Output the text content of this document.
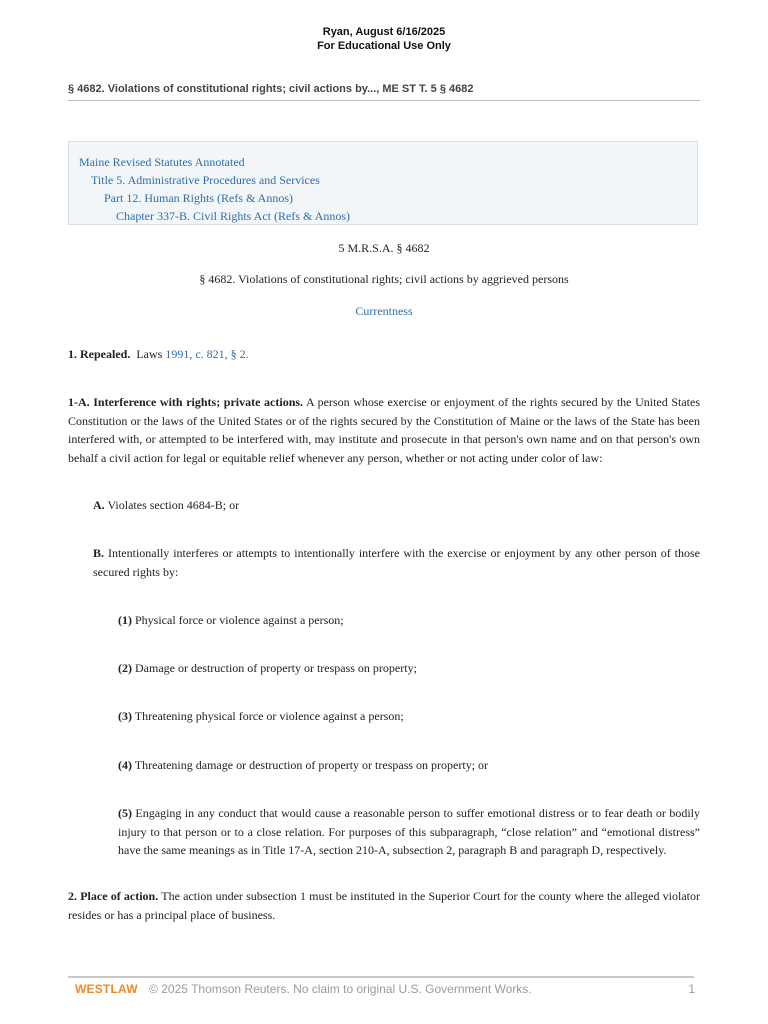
Ryan, August 6/16/2025
For Educational Use Only
§ 4682. Violations of constitutional rights; civil actions by..., ME ST T. 5 § 4682
Maine Revised Statutes Annotated
Title 5. Administrative Procedures and Services
Part 12. Human Rights (Refs & Annos)
Chapter 337-B. Civil Rights Act (Refs & Annos)
5 M.R.S.A. § 4682
§ 4682. Violations of constitutional rights; civil actions by aggrieved persons
Currentness
1. Repealed. Laws 1991, c. 821, § 2.
1-A. Interference with rights; private actions. A person whose exercise or enjoyment of the rights secured by the United States Constitution or the laws of the United States or of the rights secured by the Constitution of Maine or the laws of the State has been interfered with, or attempted to be interfered with, may institute and prosecute in that person's own name and on that person's own behalf a civil action for legal or equitable relief whenever any person, whether or not acting under color of law:
A. Violates section 4684-B; or
B. Intentionally interferes or attempts to intentionally interfere with the exercise or enjoyment by any other person of those secured rights by:
(1) Physical force or violence against a person;
(2) Damage or destruction of property or trespass on property;
(3) Threatening physical force or violence against a person;
(4) Threatening damage or destruction of property or trespass on property; or
(5) Engaging in any conduct that would cause a reasonable person to suffer emotional distress or to fear death or bodily injury to that person or to a close relation. For purposes of this subparagraph, “close relation” and “emotional distress” have the same meanings as in Title 17-A, section 210-A, subsection 2, paragraph B and paragraph D, respectively.
2. Place of action. The action under subsection 1 must be instituted in the Superior Court for the county where the alleged violator resides or has a principal place of business.
WESTLAW © 2025 Thomson Reuters. No claim to original U.S. Government Works.	1
